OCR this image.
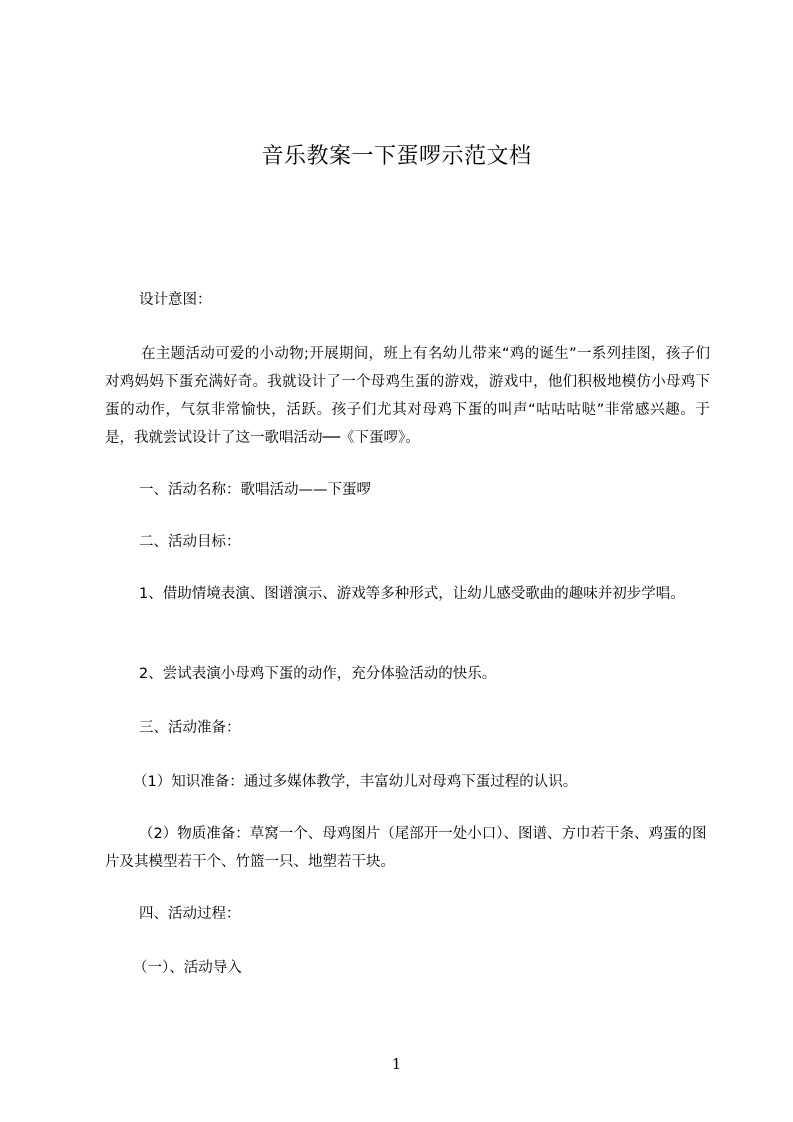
音乐教案一下蛋啰示范文档
设计意图：
在主题活动可爱的小动物;开展期间，班上有名幼儿带来“鸡的诞生”一系列挂图，孩子们对鸡妈妈下蛋充满好奇。我就设计了一个母鸡生蛋的游戏，游戏中，他们积极地模仿小母鸡下蛋的动作，气氛非常愉快，活跃。孩子们尤其对母鸡下蛋的叫声“咕咕咕哒”非常感兴趣。于是，我就尝试设计了这一歌唱活动──《下蛋啰》。
一、活动名称：歌唱活动——下蛋啰
二、活动目标：
1、借助情境表演、图谱演示、游戏等多种形式，让幼儿感受歌曲的趣味并初步学唱。
2、尝试表演小母鸡下蛋的动作，充分体验活动的快乐。
三、活动准备：
（1）知识准备：通过多媒体教学，丰富幼儿对母鸡下蛋过程的认识。
（2）物质准备：草窝一个、母鸡图片（尾部开一处小口）、图谱、方巾若干条、鸡蛋的图片及其模型若干个、竹篮一只、地塑若干块。
四、活动过程：
（一）、活动导入
1
